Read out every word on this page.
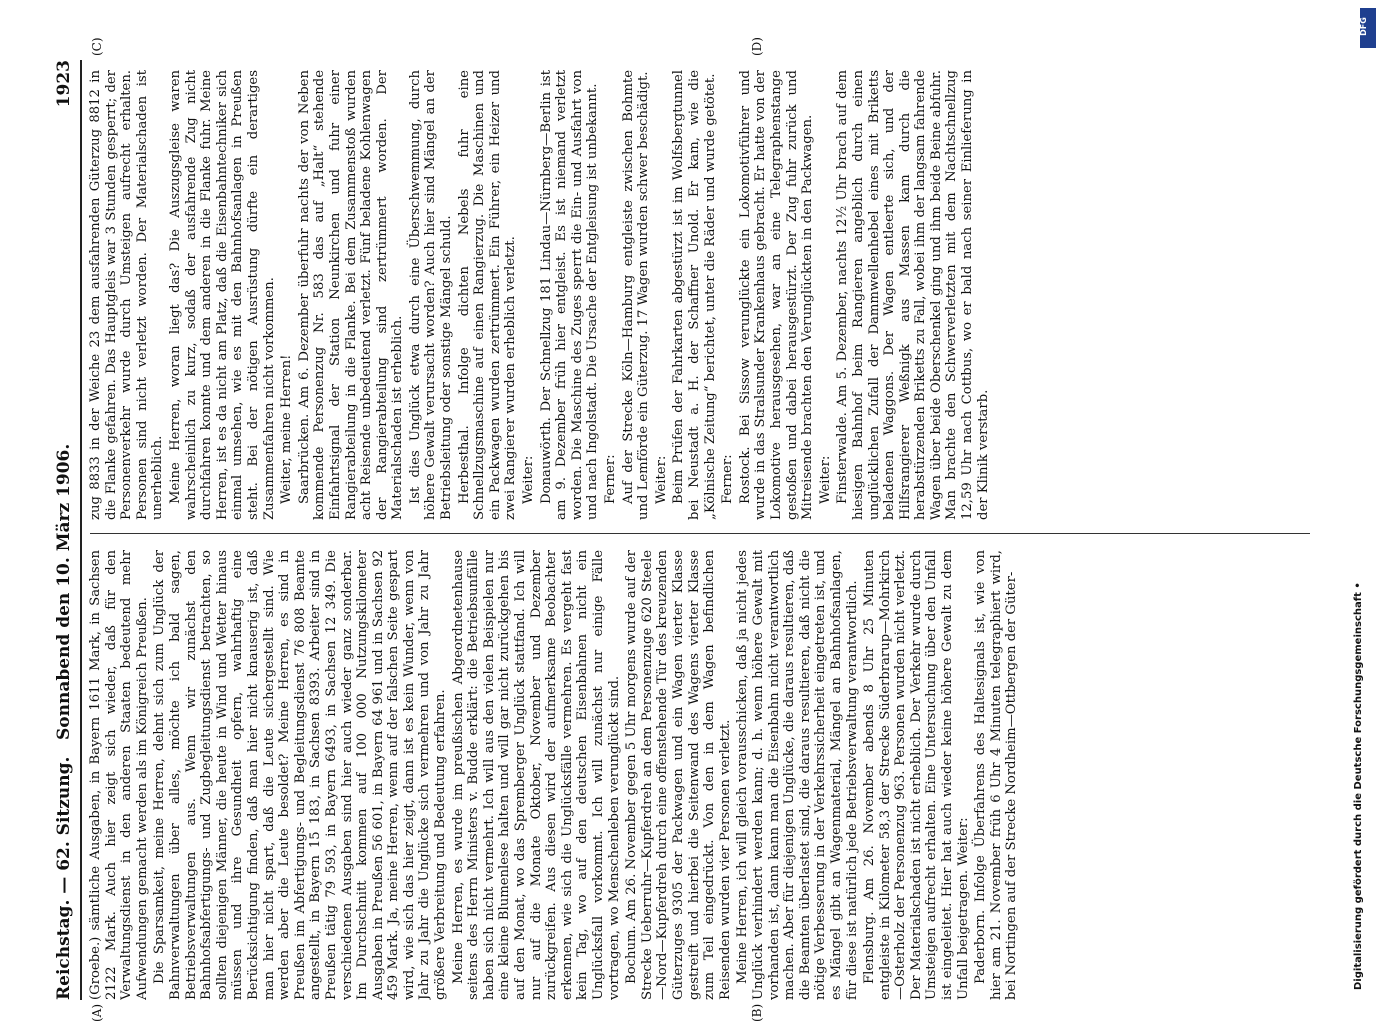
Reichstag. — 62. Sitzung.
Sonnabend den 10. März 1906.
1923

(Groebe.) sämtliche Ausgaben, in Bayern 1611 Mark, in Sachsen 2122 Mark. Auch hier zeigt sich wieder, daß für den Verwaltungsdienst in den anderen Staaten bedeutend mehr Aufwendungen gemacht werden als im Königreich Preußen. Die Sparsamkeit, meine Herren, dehnt sich zum Unglück der Bahnverwaltungen über alles, möchte ich bald sagen, Betriebsverwaltungen aus. Wenn wir zunächst den Bahnhofsabfertigungs- und Zugbegleitungsdienst betrachten, so sollten diejenigen Männer, die heute in Wind und Wetter hinaus müssen und ihre Gesundheit opfern, wahrhaftig eine Berücksichtigung finden, daß man hier nicht knauserig ist, daß man hier nicht spart, daß die Leute sichergestellt sind. Wie werden aber die Leute besoldet? Meine Herren, es sind in Preußen im Abfertigungs- und Begleitungsdienst 76 808 Beamte angestellt, in Bayern 15 183, in Sachsen 8393. Arbeiter sind in Preußen tätig 79 593, in Bayern 6493, in Sachsen 12 349. Die verschiedenen Ausgaben sind hier auch wieder ganz sonderbar. Im Durchschnitt kommen auf 100 000 Nutzungskilometer Ausgaben in Preußen 56 601, in Bayern 64 961 und in Sachsen 92 459 Mark. Ja, meine Herren, wenn auf der falschen Seite gespart wird, wie sich das hier zeigt, dann ist es kein Wunder, wenn von Jahr zu Jahr die Unglücke sich vermehren und von Jahr zu Jahr größere Verbreitung und Bedeutung erfahren. Meine Herren, es wurde im preußischen Abgeordnetenhause seitens des Herrn Ministers v. Budde erklärt: die Betriebsunfälle haben sich nicht vermehrt. Ich will aus den vielen Beispielen nur eine kleine Blumenlese halten und will gar nicht zurückgehen bis auf den Monat, wo das Spremberger Unglück stattfand. Ich will nur auf die Monate Oktober, November und Dezember zurückgreifen. Aus diesen wird der aufmerksame Beobachter erkennen, wie sich die Unglücksfälle vermehren. Es vergeht fast kein Tag, wo auf den deutschen Eisenbahnen nicht ein Unglücksfall vorkommt. Ich will zunächst nur einige Fälle vortragen, wo Menschenleben verunglückt sind. Bochum. Am 26. November gegen 5 Uhr morgens wurde auf der Strecke Ueberruhr—Kupferdreh an dem Personenzuge 620 Steele—Nord—Kupferdreh durch eine offenstehende Tür des kreuzenden Güterzuges 9305 der Packwagen und ein Wagen vierter Klasse gestreift und hierbei die Seitenwand des Wagens vierter Klasse zum Teil eingedrückt. Von den in dem Wagen befindlichen Reisenden wurden vier Personen verletzt. Meine Herren, ich will gleich vorausschicken, daß ja nicht jedes Unglück verhindert werden kann; d. h. wenn höhere Gewalt mit vorhanden ist, dann kann man die Eisenbahn nicht verantwortlich machen. Aber für diejenigen Unglücke, die daraus resultieren, daß die Beamten überlastet sind, die daraus resultieren, daß nicht die nötige Verbesserung in der Verkehrssicherheit eingetreten ist, und es Mängel gibt an Wagenmaterial, Mängel an Bahnhofsanlagen, für diese ist natürlich jede Betriebsverwaltung verantwortlich. Flensburg. Am 26. November abends 8 Uhr 25 Minuten entgleiste in Kilometer 58,3 der Strecke Süderbrarup—Mohrkirch—Osterholz der Personenzug 963. Personen wurden nicht verletzt. Der Materialschaden ist nicht erheblich. Der Verkehr wurde durch Umsteigen aufrecht erhalten. Eine Untersuchung über den Unfall ist eingeleitet. Hier hat auch wieder keine höhere Gewalt zu dem Unfall beigetragen. Weiter: Paderborn. Infolge Überfahrens des Haltesignals ist, wie von hier am 21. November früh 6 Uhr 4 Minuten telegraphiert wird, bei Nortingen auf der Strecke Nordheim—Ottbergen der Güter-

zug 8833 in der Weiche 23 dem ausfahrenden Güterzug 8812 in die Flanke gefahren. Das Hauptgleis war 3 Stunden gesperrt; der Personenverkehr wurde durch Umsteigen aufrecht erhalten. Personen sind nicht verletzt worden. Der Materialschaden ist unerheblich. Meine Herren, woran liegt das? Die Auszugsgleise waren wahrscheinlich zu kurz, sodaß der ausfahrende Zug nicht durchfahren konnte und dem anderen in die Flanke fuhr. Meine Herren, ist es da nicht am Platz, daß die Eisenbahntechniker sich einmal umsehen, wie es mit den Bahnhofsanlagen in Preußen steht. Bei der nötigen Ausrüstung dürfte ein derartiges Zusammenfahren nicht vorkommen. Weiter, meine Herren! Saarbrücken. Am 6. Dezember überfuhr nachts der von Neben kommende Personenzug Nr. 583 das auf „Halt“ stehende Einfahrtsignal der Station Neunkirchen und fuhr einer Rangierabteilung in die Flanke. Bei dem Zusammenstoß wurden acht Reisende unbedeutend verletzt. Fünf beladene Kohlenwagen der Rangierabteilung sind zertrümmert worden. Der Materialschaden ist erheblich. Ist dies Unglück etwa durch eine Überschwemmung, durch höhere Gewalt verursacht worden? Auch hier sind Mängel an der Betriebsleitung oder sonstige Mängel schuld. Herbesthal. Infolge dichten Nebels fuhr eine Schnellzugsmaschine auf einen Rangierzug. Die Maschinen und ein Packwagen wurden zertrümmert. Ein Führer, ein Heizer und zwei Rangierer wurden erheblich verletzt. Weiter: Donauwörth. Der Schnellzug 181 Lindau—Nürnberg—Berlin ist am 9. Dezember früh hier entgleist. Es ist niemand verletzt worden. Die Maschine des Zuges sperrt die Ein- und Ausfahrt von und nach Ingolstadt. Die Ursache der Entgleisung ist unbekannt. Ferner: Auf der Strecke Köln—Hamburg entgleiste zwischen Bohmte und Lemförde ein Güterzug. 17 Wagen wurden schwer beschädigt. Weiter: Beim Prüfen der Fahrkarten abgestürzt ist im Wolfsbergtunnel bei Neustadt a. H. der Schaffner Unold. Er kam, wie die „Kölnische Zeitung“ berichtet, unter die Räder und wurde getötet. Ferner: Rostock. Bei Sissow verunglückte ein Lokomotivführer und wurde in das Stralsunder Krankenhaus gebracht. Er hatte von der Lokomotive herausgesehen, war an eine Telegraphenstange gestoßen und dabei herausgestürzt. Der Zug fuhr zurück und Mitreisende brachten den Verunglückten in den Packwagen. Weiter: Finsterwalde. Am 5. Dezember, nachts 12¹⁄₂ Uhr brach auf dem hiesigen Bahnhof beim Rangieren angeblich durch einen unglücklichen Zufall der Dammwellenhebel eines mit Briketts beladenen Waggons. Der Wagen entleerte sich, und der Hilfsrangierer Weßnigk aus Massen kam durch die herabstürzenden Briketts zu Fall, wobei ihm der langsam fahrende Wagen über beide Oberschenkel ging und ihm beide Beine abfuhr. Man brachte den Schwerverletzten mit dem Nachtschnellzug 12,59 Uhr nach Cottbus, wo er bald nach seiner Einlieferung in der Klinik verstarb.

(A)	(B)
(C)	(D)
Digitalisierung gefördert durch die Deutsche Forschungsgemeinschaft •
DFG
